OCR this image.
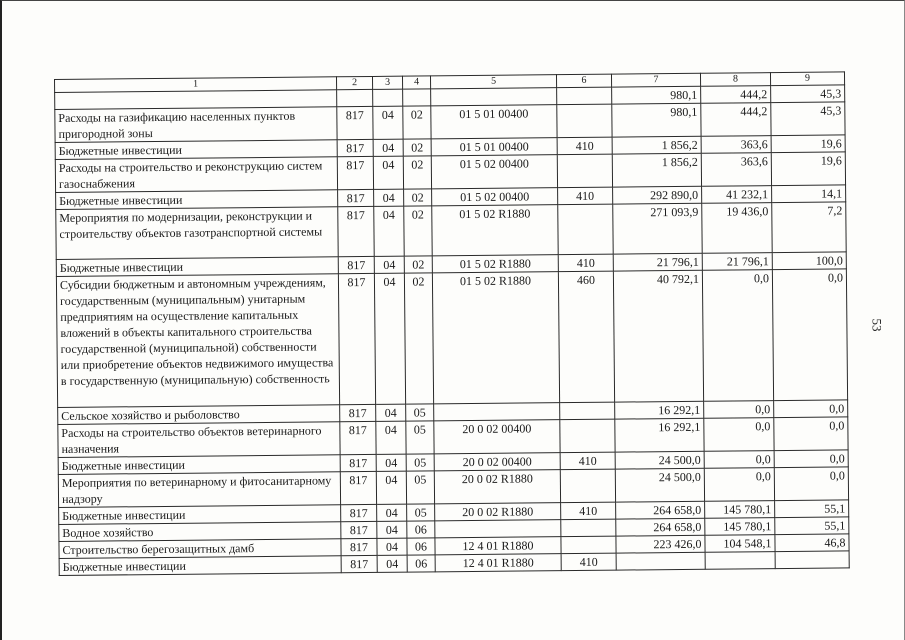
1	2	3	4	5	6	7	8	9
						980,1	444,2	45,3
Расходы на газификацию населенных пунктов пригородной зоны	817	04	02	01 5 01 00400		980,1	444,2	45,3
Бюджетные инвестиции	817	04	02	01 5 01 00400	410	1 856,2	363,6	19,6
Расходы на строительство и реконструкцию систем газоснабжения	817	04	02	01 5 02 00400		1 856,2	363,6	19,6
Бюджетные инвестиции	817	04	02	01 5 02 00400	410	292 890,0	41 232,1	14,1
Мероприятия по модернизации, реконструкции и строительству объектов газотранспортной системы	817	04	02	01 5 02 R1880		271 093,9	19 436,0	7,2
Бюджетные инвестиции	817	04	02	01 5 02 R1880	410	21 796,1	21 796,1	100,0
Субсидии бюджетным и автономным учреждениям, государственным (муниципальным) унитарным предприятиям на осуществление капитальных вложений в объекты капитального строительства государственной (муниципальной) собственности или приобретение объектов недвижимого имущества в государственную (муниципальную) собственность	817	04	02	01 5 02 R1880	460	40 792,1	0,0	0,0
Сельское хозяйство и рыболовство	817	04	05			16 292,1	0,0	0,0
Расходы на строительство объектов ветеринарного назначения	817	04	05	20 0 02 00400		16 292,1	0,0	0,0
Бюджетные инвестиции	817	04	05	20 0 02 00400	410	24 500,0	0,0	0,0
Мероприятия по ветеринарному и фитосанитарному надзору	817	04	05	20 0 02 R1880		24 500,0	0,0	0,0
Бюджетные инвестиции	817	04	05	20 0 02 R1880	410	264 658,0	145 780,1	55,1
Водное хозяйство	817	04	06			264 658,0	145 780,1	55,1
Строительство берегозащитных дамб	817	04	06	12 4 01 R1880		223 426,0	104 548,1	46,8
Бюджетные инвестиции	817	04	06	12 4 01 R1880	410			
53
